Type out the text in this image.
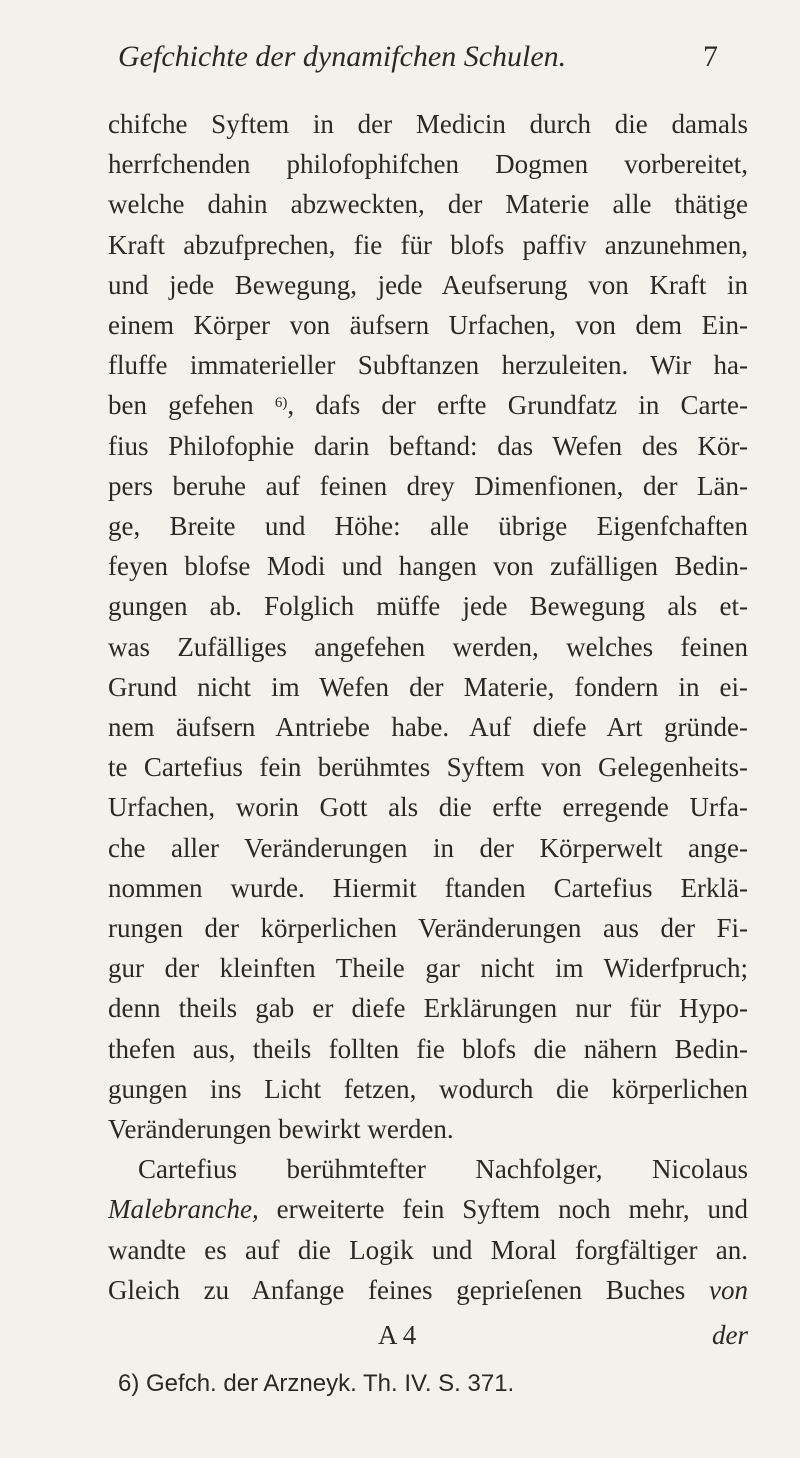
Gefchichte der dynamifchen Schulen.	7
chifche Syftem in der Medicin durch die damals
herrfchenden philofophifchen Dogmen vorbereitet,
welche dahin abzweckten, der Materie alle thätige
Kraft abzufprechen, fie für blofs paffiv anzunehmen,
und jede Bewegung, jede Aeufserung von Kraft in
einem Körper von äufsern Urfachen, von dem Ein-
fluffe immaterieller Subftanzen herzuleiten. Wir ha-
ben gefehen $^{6)}$, dafs der erfte Grundfatz in Carte-
fius Philofophie darin beftand: das Wefen des Kör-
pers beruhe auf feinen drey Dimenfionen, der Län-
ge, Breite und Höhe: alle übrige Eigenfchaften
feyen blofse Modi und hangen von zufälligen Bedin-
gungen ab. Folglich müffe jede Bewegung als et-
was Zufälliges angefehen werden, welches feinen
Grund nicht im Wefen der Materie, fondern in ei-
nem äufsern Antriebe habe. Auf diefe Art gründe-
te Cartefius fein berühmtes Syftem von Gelegenheits-
Urfachen, worin Gott als die erfte erregende Urfa-
che aller Veränderungen in der Körperwelt ange-
nommen wurde. Hiermit ftanden Cartefius Erklä-
rungen der körperlichen Veränderungen aus der Fi-
gur der kleinften Theile gar nicht im Widerfpruch;
denn theils gab er diefe Erklärungen nur für Hypo-
thefen aus, theils follten fie blofs die nähern Bedin-
gungen ins Licht fetzen, wodurch die körperlichen
Veränderungen bewirkt werden.
Cartefius berühmtefter Nachfolger, Nicolaus
Malebranche, erweiterte fein Syftem noch mehr, und
wandte es auf die Logik und Moral forgfältiger an.
Gleich zu Anfange feines geprieſenen Buches von
A 4	der
6) Gefch. der Arzneyk. Th. IV. S. 371.
